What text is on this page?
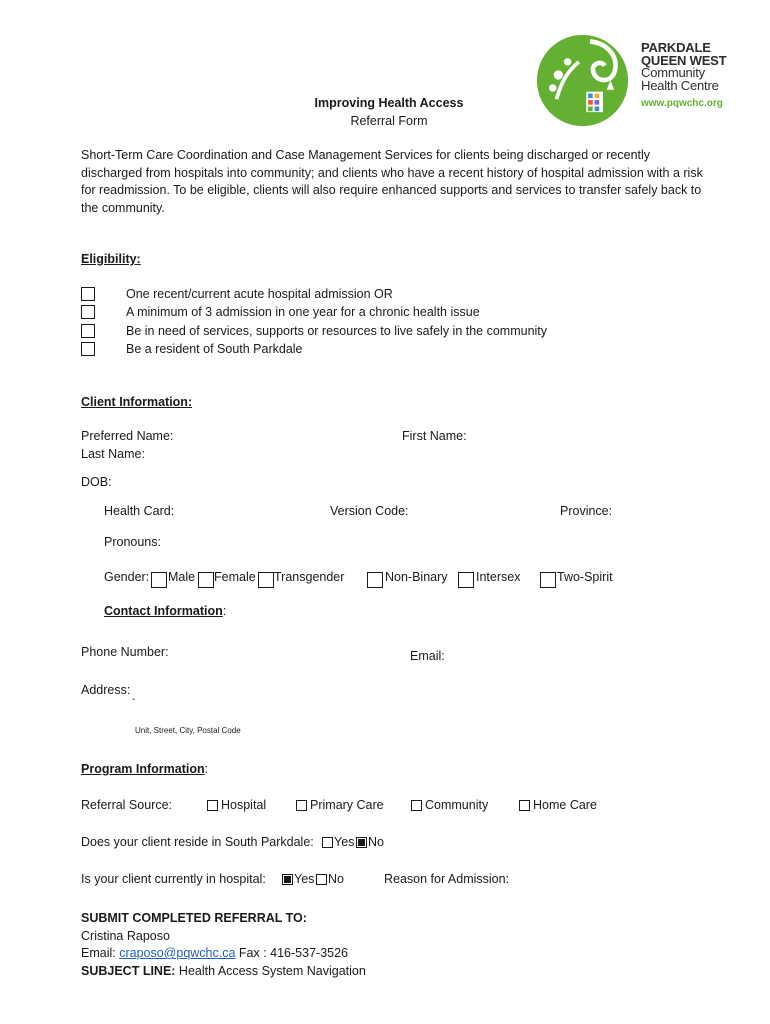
PARKDALE
QUEEN WEST
Community
Health Centre
www.pqwchc.org
Improving Health Access
Referral Form
Short-Term Care Coordination and Case Management Services for clients being discharged or recently discharged from hospitals into community; and clients who have a recent history of hospital admission with a risk for readmission. To be eligible, clients will also require enhanced supports and services to transfer safely back to the community.
Eligibility:
One recent/current acute hospital admission OR
A minimum of 3 admission in one year for a chronic health issue
Be in need of services, supports or resources to live safely in the community
Be a resident of South Parkdale
Client Information:
Preferred Name:	First Name:
Last Name:
DOB:
Health Card:	Version Code:	Province:
Pronouns:
Gender: Male Female Transgender	Non-Binary Intersex	Two-Spirit
Contact Information:
Phone Number:	Email:
Address:
-
Unit, Street, City, Postal Code
Program Information:
Referral Source:	Hospital	Primary Care	Community	Home Care
Does your client reside in South Parkdale: Yes No
Is your client currently in hospital: Yes No	Reason for Admission:
SUBMIT COMPLETED REFERRAL TO:
Cristina Raposo
Email: craposo@pqwchc.ca Fax : 416-537-3526
SUBJECT LINE: Health Access System Navigation
